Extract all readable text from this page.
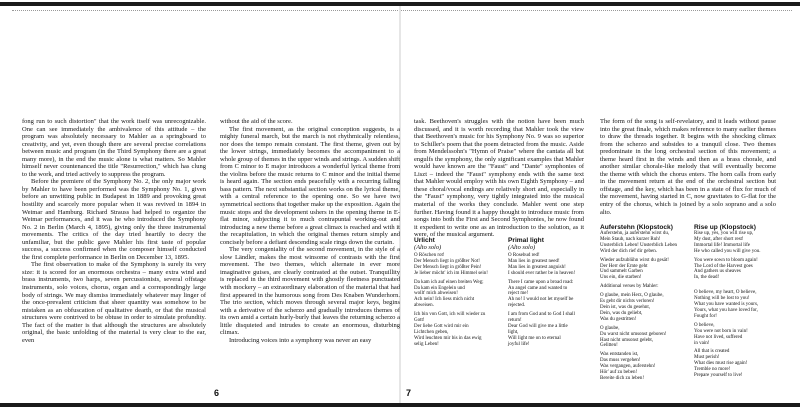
fong run to such distortion" that the work itself was unrecognizable. One can see immediately the ambivalence of this attitude – the program was absolutely necessary to Mahler as a springboard to creativity, and yet, even though there are several precise correlations between music and program (in the Third Symphony there are a great many more), in the end the music alone is what matters. So Mahler himself never countenanced the title "Resurrection," which has clung to the work, and tried actively to suppress the program.

Before the premiere of the Symphony No. 2, the only major work by Mahler to have been performed was the Symphony No. 1, given before an unwitting public in Budapest in 1889 and provoking great hostility and scarcely more popular when it was revived in 1894 in Weimar and Hamburg. Richard Strauss had helped to organize the Weimar performances, and it was he who introduced the Symphony No. 2 in Berlin (March 4, 1895), giving only the three instrumental movements. The critics of the day tried heartily to decry the unfamiliar, but the public gave Mahler his first taste of popular success, a success confirmed when the composer himself conducted the first complete performance in Berlin on December 13, 1895.

The first observation to make of the Symphony is surely its very size: it is scored for an enormous orchestra – many extra wind and brass instruments, two harps, seven percussionists, several offstage instruments, solo voices, chorus, organ and a correspondingly large body of strings. We may dismiss immediately whatever may linger of the once-prevalent criticism that sheer quantity was somehow to be mistaken as an obfuscation of qualitative dearth, or that the musical structures were contrived to be obtuse in order to simulate profundity. The fact of the matter is that although the structures are absolutely original, the basic unfolding of the material is very clear to the ear, even

without the aid of the score.

The first movement, as the original conception suggests, is a mighty funeral march, but the march is not rhythmically relentless, nor does the tempo remain constant. The first theme, given out by the lower strings, immediately becomes the accompaniment to a whole group of themes in the upper winds and strings. A sudden shift from C minor to E major introduces a wonderful lyrical theme from the violins before the music returns to C minor and the initial theme is heard again. The section ends peacefully with a recurring falling bass pattern. The next substantial section works on the lyrical theme, with a central reference to the opening one. So we have two symmetrical sections that together make up the exposition. Again the music stops and the development ushers in the opening theme in E-flat minor, subjecting it to much contrapuntal working-out and introducing a new theme before a great climax is reached and with it the recapitulation, in which the original themes return simply and concisely before a defiant descending scale rings down the curtain.

The very congeniality of the second movement, in the style of a slow Ländler, makes the most winsome of contrasts with the first movement. The two themes, which alternate in ever more imaginative guises, are clearly contrasted at the outset. Tranquillity is replaced in the third movement with ghostly fleetness punctuated with mockery – an extraordinary elaboration of the material that had first appeared in the humorous song from Des Knaben Wunderhorn. The trio section, which moves through several major keys, begins with a derivative of the scherzo and gradually introduces themes of its own amid a certain hurly-burly that leaves the returning scherzo a little disquieted and intrudes to create an enormous, disturbing climax.

Introducing voices into a symphony was never an easy

6	7

task. Beethoven's struggles with the notion have been much discussed, and it is worth recording that Mahler took the view that Beethoven's music for his Symphony No. 9 was so superior to Schiller's poem that the poem detracted from the music. Aside from Mendelssohn's "Hymn of Praise" where the cantata all but engulfs the symphony, the only significant examples that Mahler would have known are the "Faust" and "Dante" symphonies of Liszt – indeed the "Faust" symphony ends with the same text that Mahler would employ with his own Eighth Symphony – and these choral/vocal endings are relatively short and, especially in the "Faust" symphony, very tightly integrated into the musical material of the works they conclude. Mahler went one step further. Having found it a happy thought to introduce music from songs into both the First and Second Symphonies, he now found it expedient to write one as an introduction to the solution, as it were, of the musical argument.

The form of the song is self-revelatory, and it leads without pause into the great finale, which makes reference to many earlier themes to draw the threads together. It begins with the shocking climax from the scherzo and subsides to a tranquil close. Two themes predominate in the long orchestral section of this movement; a theme heard first in the winds and then as a brass chorale, and another similar chorale-like melody that will eventually become the theme with which the chorus enters. The horn calls from early in the movement return at the end of the orchestral section but offstage, and the key, which has been in a state of flux for much of the movement, having started in C, now gravitates to G-flat for the entry of the chorus, which is joined by a solo soprano and a solo alto.

Urlicht
(Alto solo)
O Röschen rot!
Der Mensch liegt in größter Not!
Der Mensch liegt in größter Pein!
Je lieber möcht' ich im Himmel sein!
Da kam ich auf einen breiten Weg;
Da kam ein Engelein und
wollt' mich abweisen!
Ach nein! Ich liess mich nicht
abweisen.
Ich bin von Gott, ich will wieder zu
Gott!
Der liebe Gott wird mir ein
Lichtchen geben,
Wird leuchten mir bis in das ewig
selig Leben!
Primal light
(Alto solo)
O Rosebud red!
Man lies in greatest need!
Man lies in greatest anguish!
I should ever rather be in heaven!
There I came upon a broad road:
An angel came and wanted to
reject me!
Ah no! I would not let myself be
rejected.
I am from God and to God I shall
return!
Dear God will give me a little
light,
Will light me on to eternal
joyful life!
Auferstehn (Klopstock)
Auferstehn, ja auferstehn wirst du,
Mein Staub, nach kurzer Ruh!
Unsterblich Leben! Unsterblich Leben
Wird der dich rief dir geben.
Wieder aufzublühn wirst du gesät!
Der Herr der Ernte geht
Und sammelt Garben
Uns ein, die starben!
Additional verses by Mahler:
O glaube, mein Herz, O glaube,
Es geht dir nichts verloren!
Dein ist, was du gesehnt,
Dein, was du geliebt,
Was du gestritten!
O glaube,
Du warst nicht umsonst geboren!
Hast nicht umsonst gelebt,
Gelitten!
Was entstanden ist,
Das muss vergehen!
Was vergangen, auferstehn!
Hör' auf zu beben!
Bereite dich zu leben!
Rise up (Klopstock)
Rise up, yes, you will rise up,
My dust, after short rest!
Immortal life! Immortal life
He who called you will give you.
You were sown to bloom again!
The Lord of the Harvest goes
And gathers us sheaves
In, the dead!
O believe, my heart, O believe,
Nothing will be lost to you!
What you have wanted is yours,
Yours, what you have loved for,
Fought for!
O believe,
You were not born in vain!
Have not lived, suffered
in vain!
All that is created
Must perish!
What dies must rise again!
Tremble no more!
Prepare yourself to live!
